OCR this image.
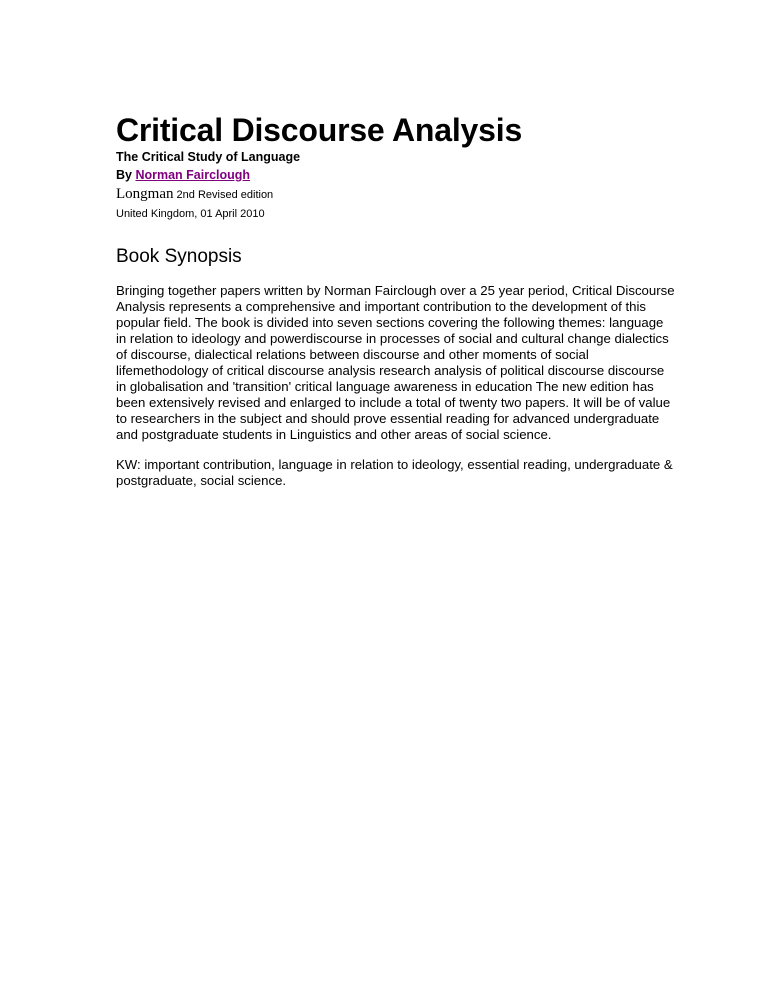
Critical Discourse Analysis

The Critical Study of Language

By Norman Fairclough

Longman 2nd Revised edition

United Kingdom, 01 April 2010

Book Synopsis

Bringing together papers written by Norman Fairclough over a 25 year period, Critical Discourse Analysis represents a comprehensive and important contribution to the development of this popular field. The book is divided into seven sections covering the following themes: language in relation to ideology and powerdiscourse in processes of social and cultural change dialectics of discourse, dialectical relations between discourse and other moments of social lifemethodology of critical discourse analysis research analysis of political discourse discourse in globalisation and 'transition' critical language awareness in education The new edition has been extensively revised and enlarged to include a total of twenty two papers. It will be of value to researchers in the subject and should prove essential reading for advanced undergraduate and postgraduate students in Linguistics and other areas of social science.

KW: important contribution, language in relation to ideology, essential reading, undergraduate & postgraduate, social science.
